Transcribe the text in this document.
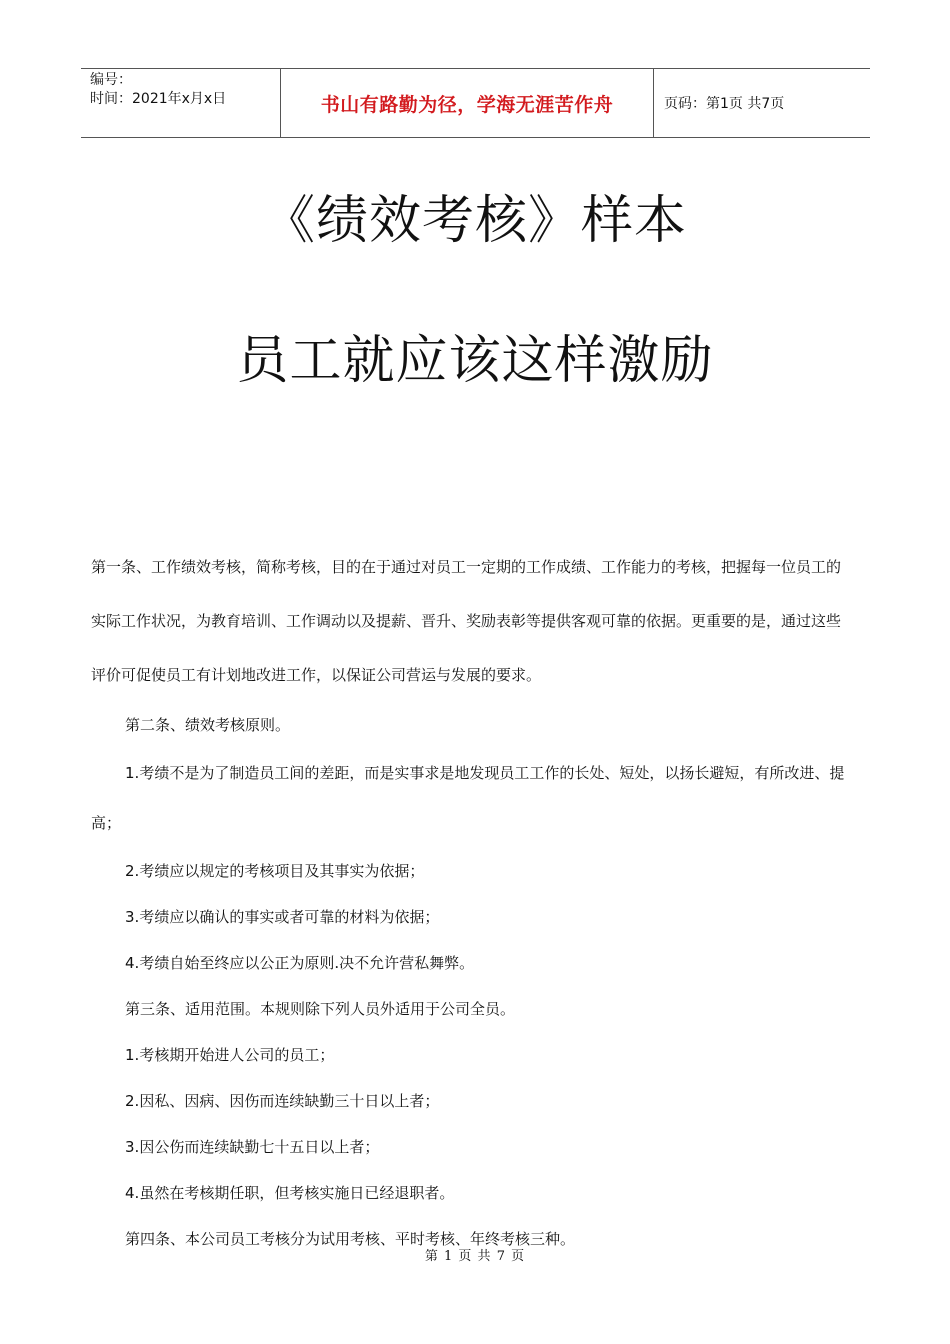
编号：
时间：2021年x月x日	书山有路勤为径，学海无涯苦作舟	页码：第1页 共7页
《绩效考核》样本
员工就应该这样激励

第一条、工作绩效考核，简称考核，目的在于通过对员工一定期的工作成绩、工作能力的考核，把握每一位员工的实际工作状况，为教育培训、工作调动以及提薪、晋升、奖励表彰等提供客观可靠的依据。更重要的是，通过这些评价可促使员工有计划地改进工作，以保证公司营运与发展的要求。

第二条、绩效考核原则。

1.考绩不是为了制造员工间的差距，而是实事求是地发现员工工作的长处、短处，以扬长避短，有所改进、提高；

2.考绩应以规定的考核项目及其事实为依据；

3.考绩应以确认的事实或者可靠的材料为依据；

4.考绩自始至终应以公正为原则.决不允许营私舞弊。

第三条、适用范围。本规则除下列人员外适用于公司全员。

1.考核期开始进人公司的员工；

2.因私、因病、因伤而连续缺勤三十日以上者；

3.因公伤而连续缺勤七十五日以上者；

4.虽然在考核期任职，但考核实施日已经退职者。

第四条、本公司员工考核分为试用考核、平时考核、年终考核三种。

第 1 页 共 7 页
